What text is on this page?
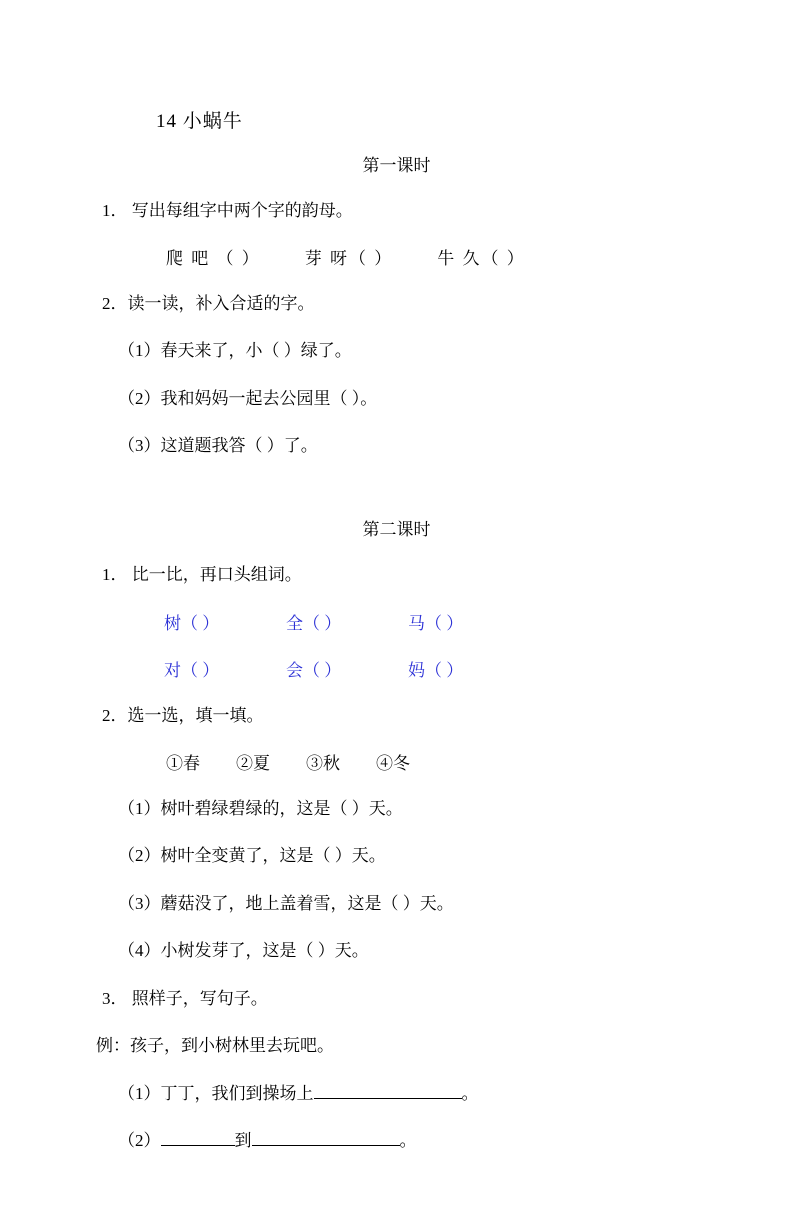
14 小蜗牛
第一课时
1． 写出每组字中两个字的韵母。
爬 吧 （ ）	芽 呀（ ）	牛 久（ ）
2．读一读，补入合适的字。
（1）春天来了，小（ ）绿了。
（2）我和妈妈一起去公园里（ ）。
（3）这道题我答（ ）了。
第二课时
1． 比一比，再口头组词。
树（ ）	全（ ）	马（ ）
对（ ）	会（ ）	妈（ ）
2．选一选，填一填。
①春 ②夏 ③秋 ④冬
（1）树叶碧绿碧绿的，这是（ ）天。
（2）树叶全变黄了，这是（ ）天。
（3）蘑菇没了，地上盖着雪，这是（ ）天。
（4）小树发芽了，这是（ ）天。
3． 照样子，写句子。
例：孩子，到小树林里去玩吧。
（1）丁丁，我们到操场上	。
（2）	到	。
